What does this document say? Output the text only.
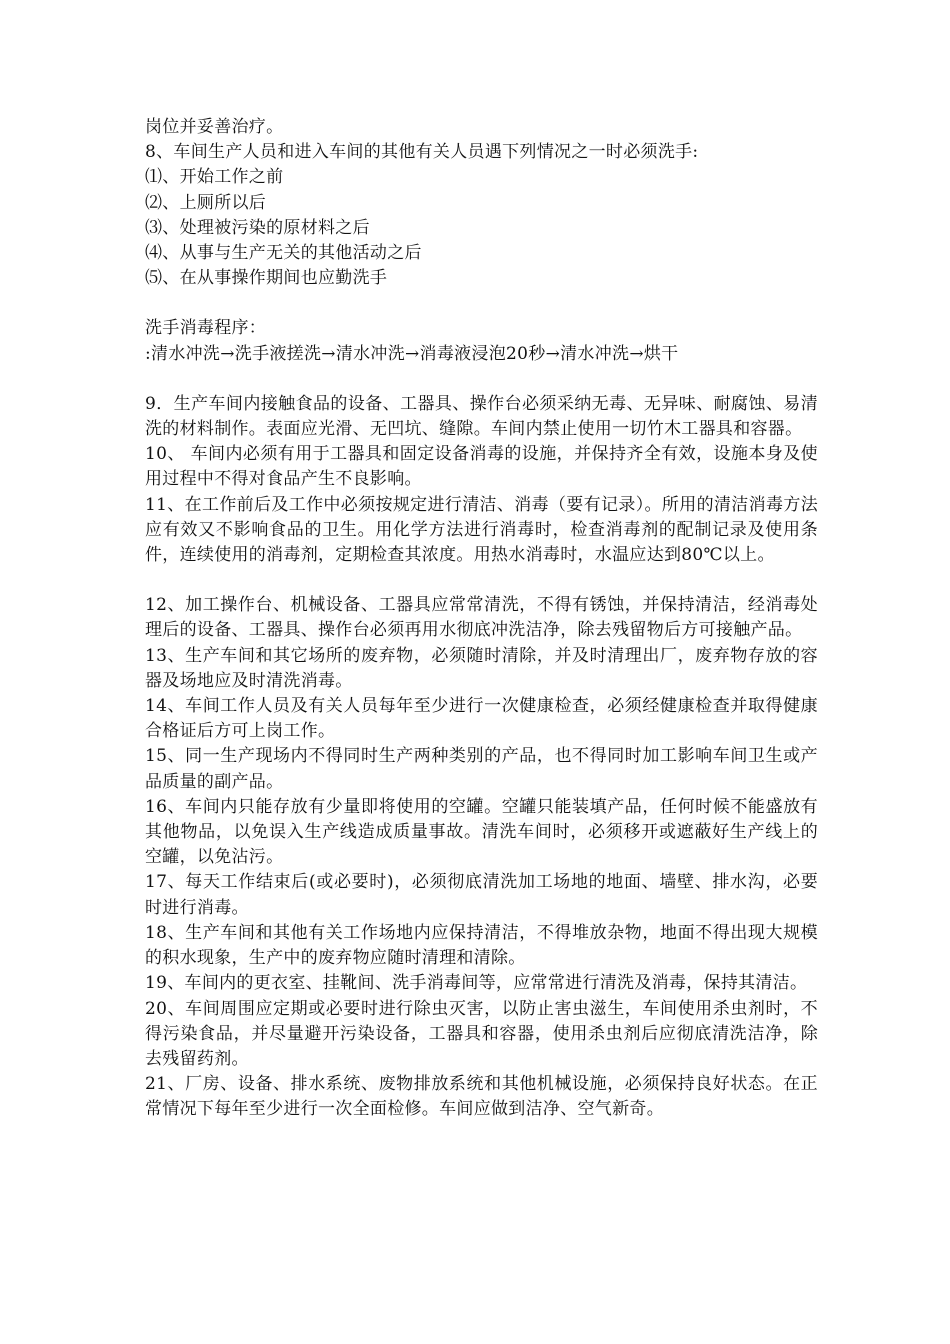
岗位并妥善治疗。

8、车间生产人员和进入车间的其他有关人员遇下列情况之一时必须洗手:

⑴、开始工作之前

⑵、上厕所以后

⑶、处理被污染的原材料之后

⑷、从事与生产无关的其他活动之后

⑸、在从事操作期间也应勤洗手

洗手消毒程序：

:清水冲洗→洗手液搓洗→清水冲洗→消毒液浸泡20秒→清水冲洗→烘干

9．生产车间内接触食品的设备、工器具、操作台必须采纳无毒、无异味、耐腐蚀、易清洗的材料制作。表面应光滑、无凹坑、缝隙。车间内禁止使用一切竹木工器具和容器。

10、 车间内必须有用于工器具和固定设备消毒的设施，并保持齐全有效，设施本身及使用过程中不得对食品产生不良影响。

11、在工作前后及工作中必须按规定进行清洁、消毒（要有记录）。所用的清洁消毒方法应有效又不影响食品的卫生。用化学方法进行消毒时，检查消毒剂的配制记录及使用条件，连续使用的消毒剂，定期检查其浓度。用热水消毒时，水温应达到80℃以上。

12、加工操作台、机械设备、工器具应常常清洗，不得有锈蚀，并保持清洁，经消毒处理后的设备、工器具、操作台必须再用水彻底冲洗洁净，除去残留物后方可接触产品。

13、生产车间和其它场所的废弃物，必须随时清除，并及时清理出厂，废弃物存放的容器及场地应及时清洗消毒。

14、车间工作人员及有关人员每年至少进行一次健康检查，必须经健康检查并取得健康合格证后方可上岗工作。

15、同一生产现场内不得同时生产两种类别的产品，也不得同时加工影响车间卫生或产品质量的副产品。

16、车间内只能存放有少量即将使用的空罐。空罐只能装填产品，任何时候不能盛放有其他物品，以免误入生产线造成质量事故。清洗车间时，必须移开或遮蔽好生产线上的空罐，以免沾污。

17、每天工作结束后(或必要时)，必须彻底清洗加工场地的地面、墙壁、排水沟，必要时进行消毒。

18、生产车间和其他有关工作场地内应保持清洁，不得堆放杂物，地面不得出现大规模的积水现象，生产中的废弃物应随时清理和清除。

19、车间内的更衣室、挂靴间、洗手消毒间等，应常常进行清洗及消毒，保持其清洁。

20、车间周围应定期或必要时进行除虫灭害，以防止害虫滋生，车间使用杀虫剂时，不得污染食品，并尽量避开污染设备，工器具和容器，使用杀虫剂后应彻底清洗洁净，除去残留药剂。

21、厂房、设备、排水系统、废物排放系统和其他机械设施，必须保持良好状态。在正常情况下每年至少进行一次全面检修。车间应做到洁净、空气新奇。
